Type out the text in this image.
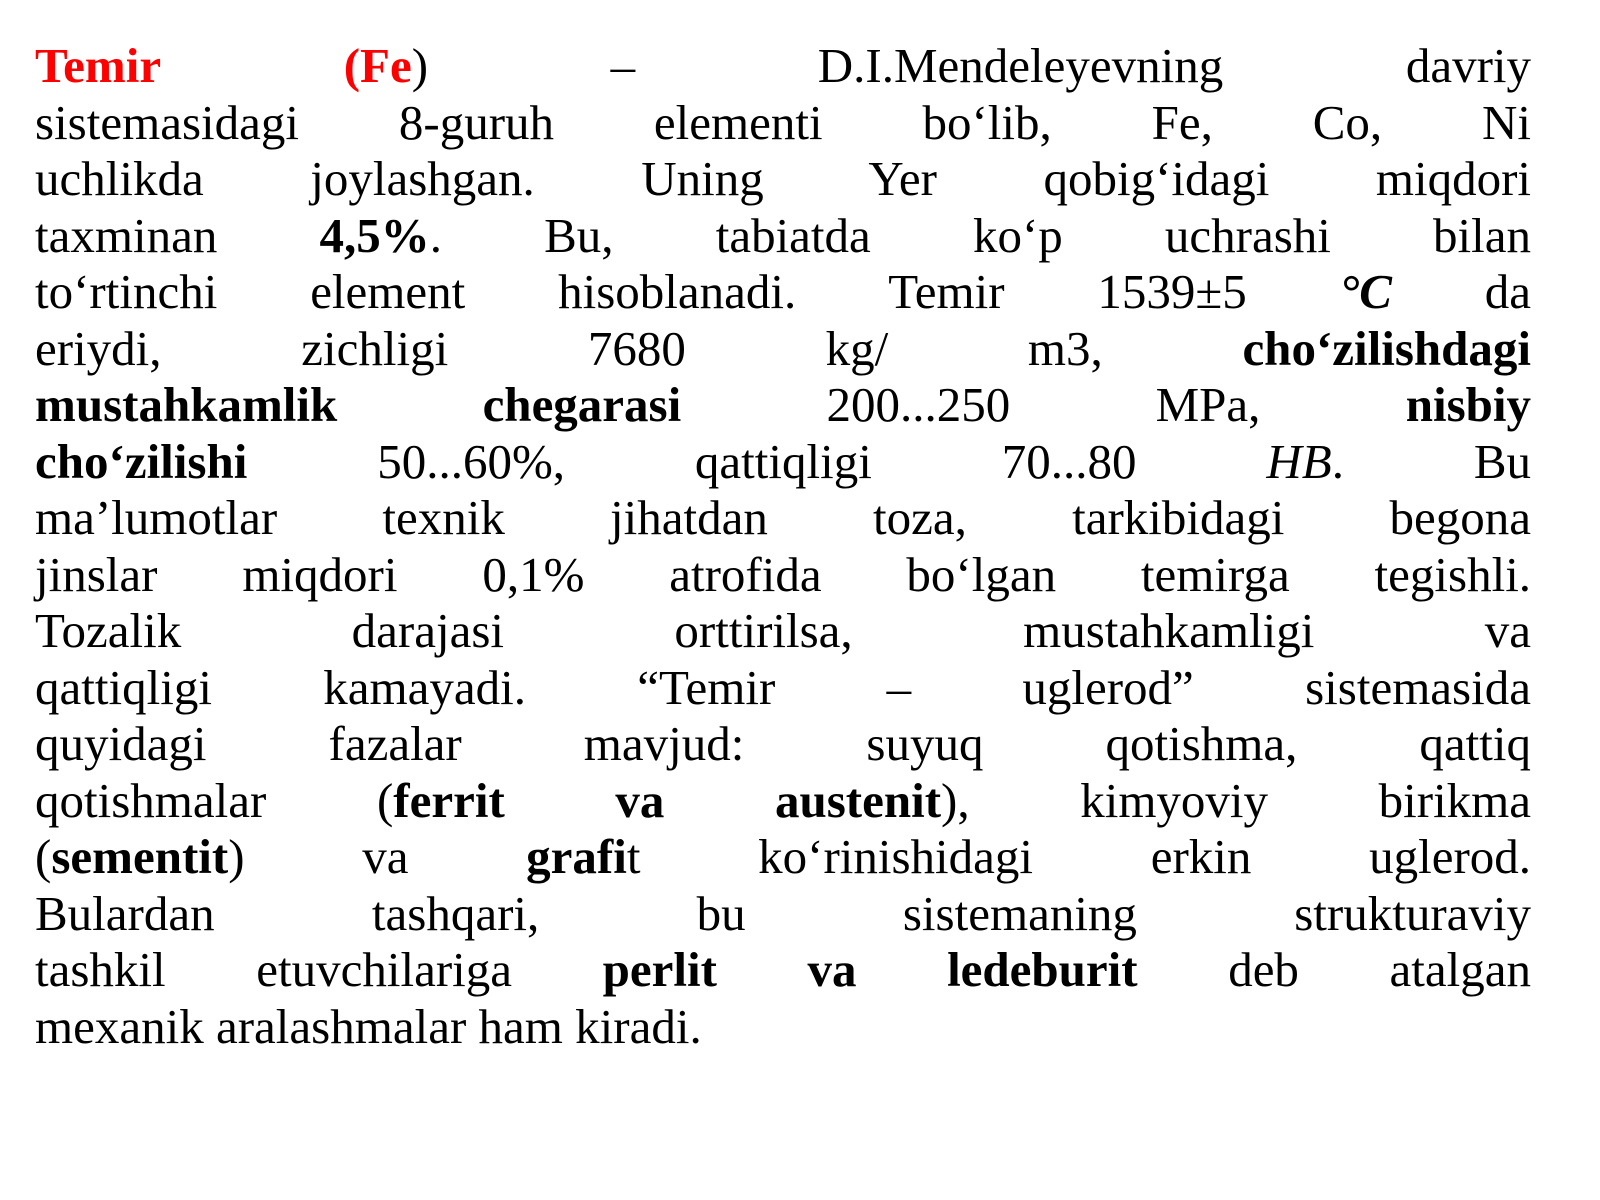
Temir	(Fe)	–	D.I.Mendeleyevning	davriy
sistemasidagi 8-guruh elementi bo‘lib, Fe, Co, Ni
uchlikda joylashgan. Uning Yer qobig‘idagi miqdori
taxminan 4,5%. Bu, tabiatda ko‘p uchrashi bilan
to‘rtinchi element hisoblanadi. Temir 1539±5 °C da
eriydi,	zichligi	7680	kg/	m3,	cho‘zilishdagi
mustahkamlik	chegarasi	200...250	MPa,	nisbiy
cho‘zilishi	50...60%,	qattiqligi	70...80	HB.	Bu
ma’lumotlar texnik jihatdan toza, tarkibidagi begona
jinslar miqdori 0,1% atrofida bo‘lgan temirga tegishli.
Tozalik	darajasi	orttirilsa,	mustahkamligi	va
qattiqligi kamayadi. “Temir – uglerod” sistemasida
quyidagi fazalar mavjud: suyuq qotishma, qattiq
qotishmalar (ferrit va austenit), kimyoviy birikma
(sementit) va grafit ko‘rinishidagi erkin uglerod.
Bulardan	tashqari,	bu	sistemaning	strukturaviy
tashkil etuvchilariga perlit va ledeburit deb atalgan
mexanik aralashmalar ham kiradi.
